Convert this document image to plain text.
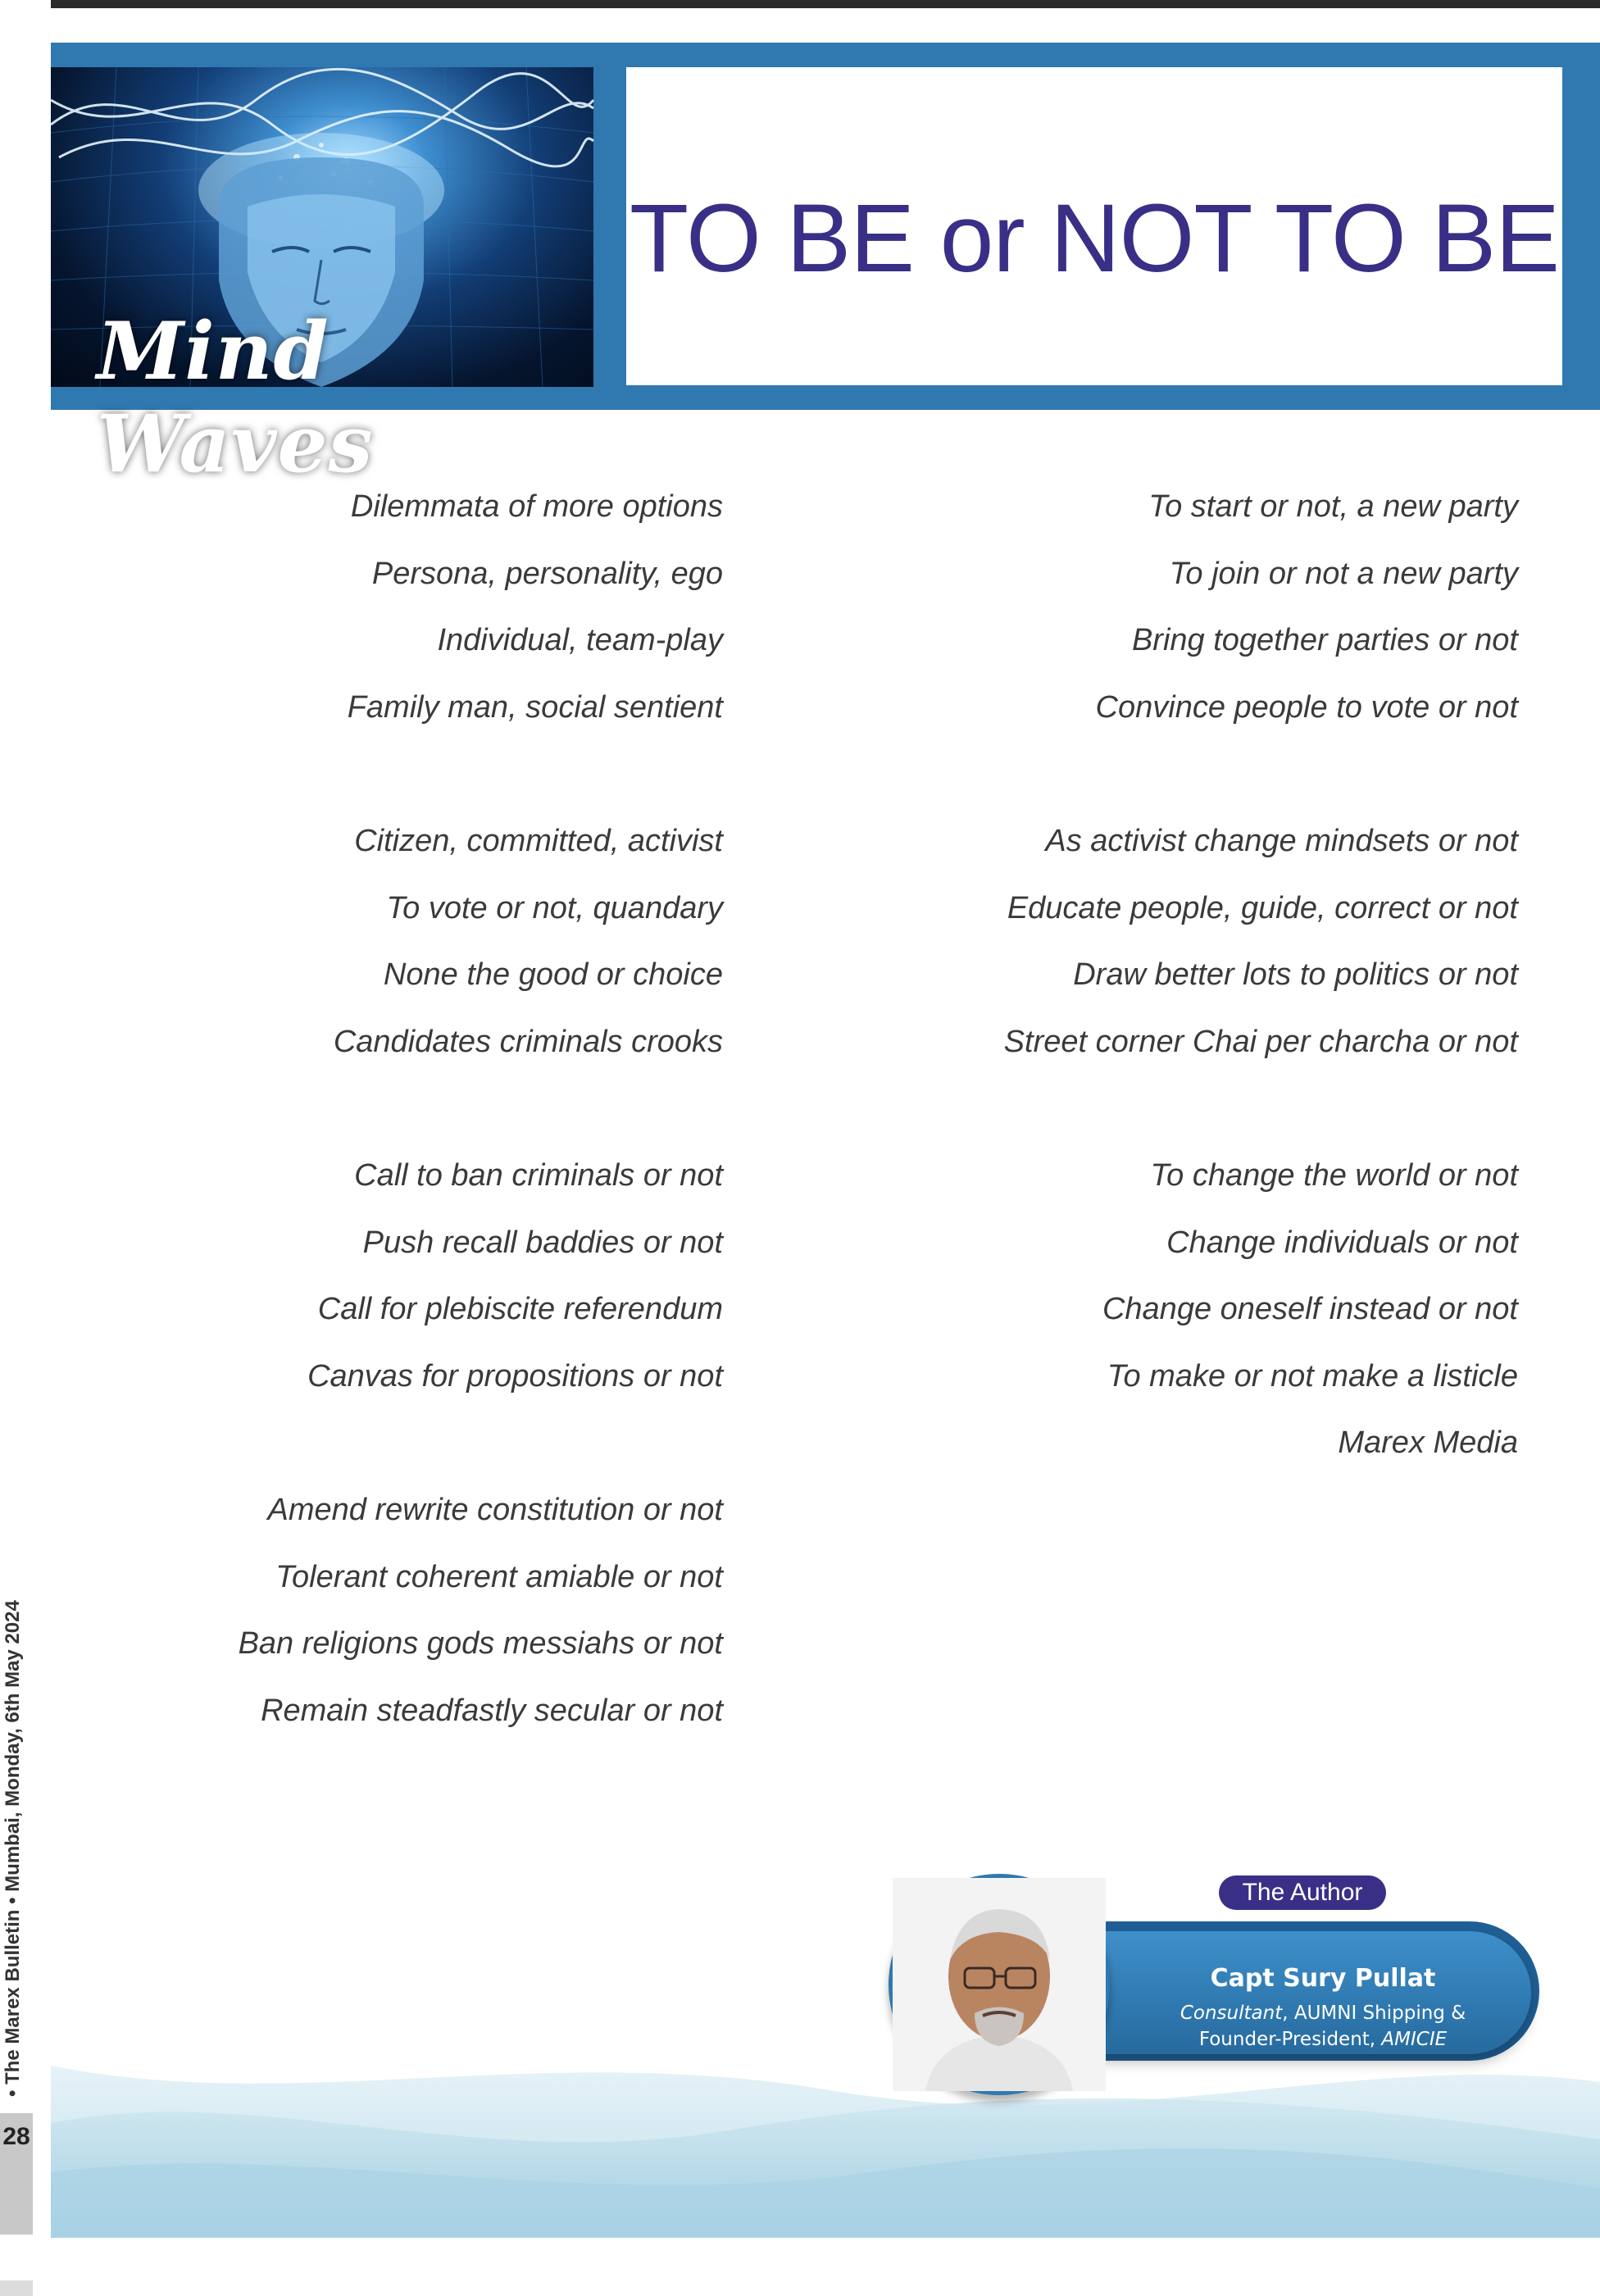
Mind Waves
TO BE or NOT TO BE
Dilemmata of more options
Persona, personality, ego
Individual, team-play
Family man, social sentient
Citizen, committed, activist
To vote or not, quandary
None the good or choice
Candidates criminals crooks
Call to ban criminals or not
Push recall baddies or not
Call for plebiscite referendum
Canvas for propositions or not
Amend rewrite constitution or not
Tolerant coherent amiable or not
Ban religions gods messiahs or not
Remain steadfastly secular or not
To start or not, a new party
To join or not a new party
Bring together parties or not
Convince people to vote or not
As activist change mindsets or not
Educate people, guide, correct or not
Draw better lots to politics or not
Street corner Chai per charcha or not
To change the world or not
Change individuals or not
Change oneself instead or not
To make or not make a listicle
Marex Media
• The Marex Bulletin • Mumbai, Monday, 6th May 2024
28
Capt Sury Pullat
Consultant, AUMNI Shipping &
Founder-President, AMICIE
The Author
